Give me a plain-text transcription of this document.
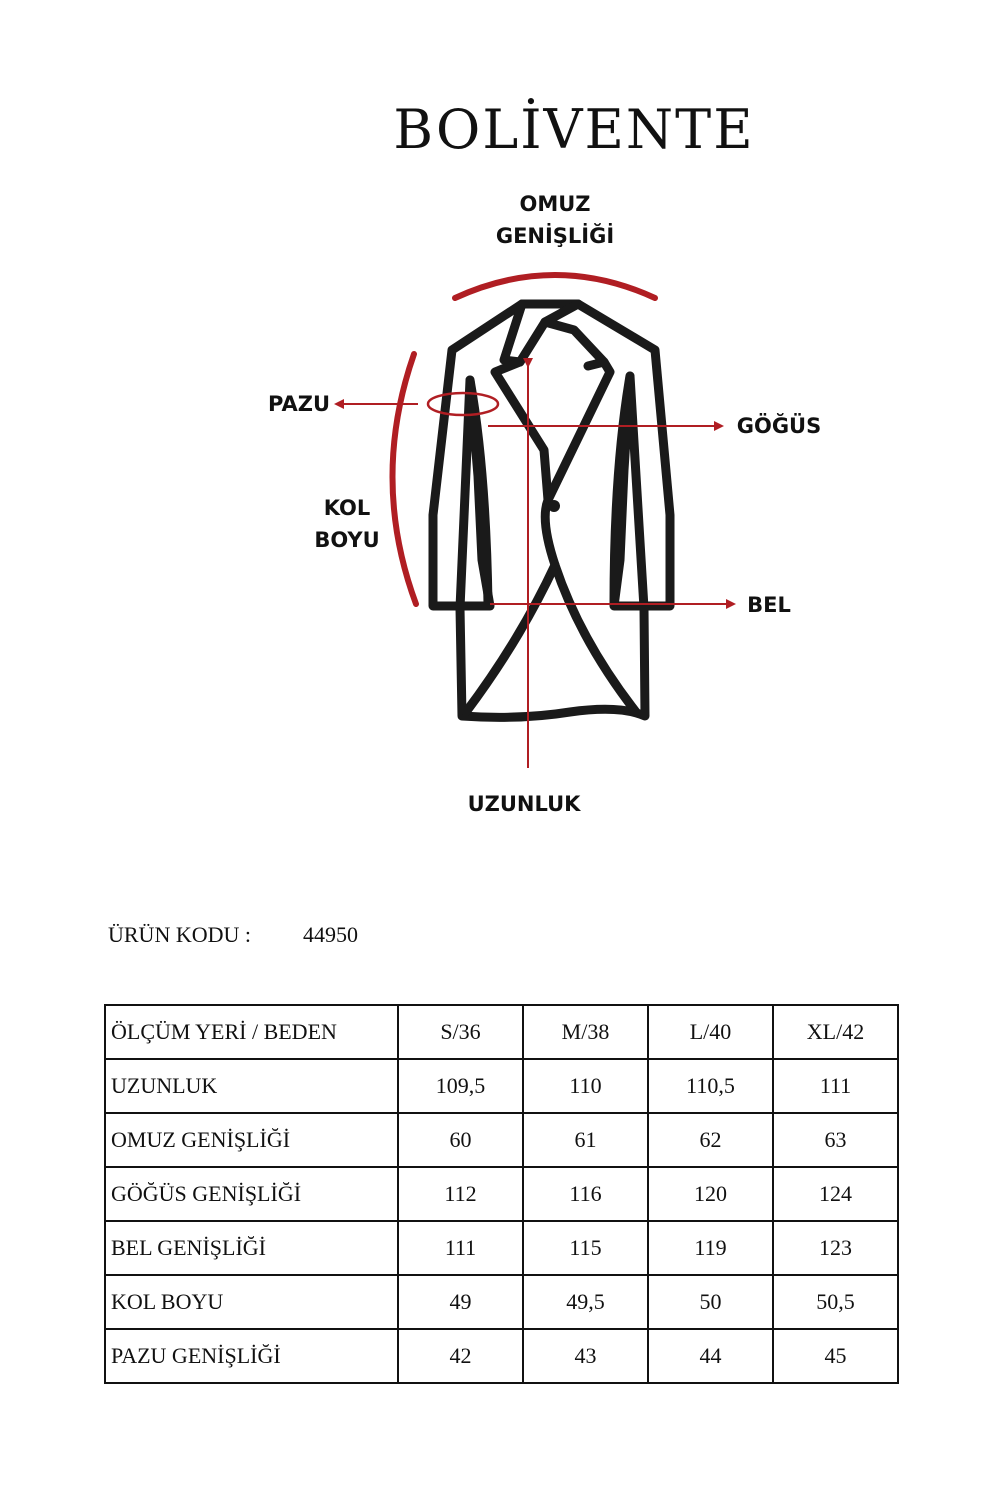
BOLİVENTE
OMUZ
GENİŞLİĞİ
PAZU
GÖĞÜS
KOL
BOYU
BEL
UZUNLUK
ÜRÜN KODU : 44950
ÖLÇÜM YERİ / BEDEN	S/36	M/38	L/40	XL/42
UZUNLUK	109,5	110	110,5	111
OMUZ GENİŞLİĞİ	60	61	62	63
GÖĞÜS GENİŞLİĞİ	112	116	120	124
BEL GENİŞLİĞİ	111	115	119	123
KOL BOYU	49	49,5	50	50,5
PAZU GENİŞLİĞİ	42	43	44	45
